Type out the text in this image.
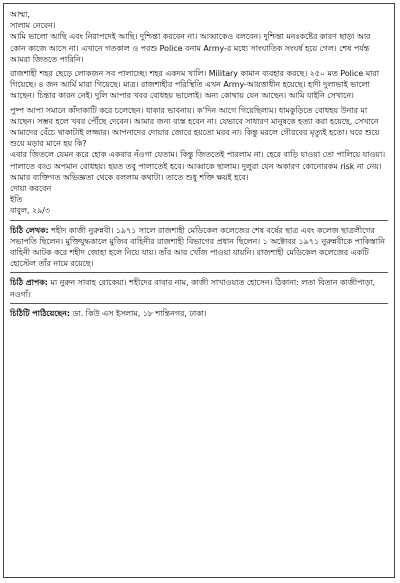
আম্মা,

সালাম নেবেন।

আমি ভালো আছি এবং নিরাপদেই আছি। দুশ্চিন্তা করবেন না। আব্বাকেও বলবেন। দুশ্চিন্তা মনঃকষ্টের কারণ ছাড়া আর কোন কাজে আসে না। এখানে গতকাল ও পরশু Police বনাম Army-র মধ্যে সাংঘাতিক সংঘর্ষ হয়ে গেল। শেষ পর্যন্ত আমরা জিততে পারিনি।

রাজশাহী শহর ছেড়ে লোকজন সব পালাচ্ছে। শহর একদম খালি। Military কামান ব্যবহার করছে। ২৫০ মত Police মারা গিয়েছে। ৪ জন আর্মি মারা গিয়েছে। মাত্র। রাজশাহীর পরিস্থিতি এখন Army-আয়ত্তাধীন হয়েছে। হাদী দুলাভাই ভালো আছেন। চিন্তার কারন নেই। দুলি আপার খবর বোধহয় ভালোই। অন্য কোথায় যেন আছেন। আমি যাইনি সেখানে।

পুষ্প আপা সমানে কাঁদাকাটি করে চলেছেন। ধাকার ভাবনায়। ক’দিন আগে গিয়েছিলাম। ধামকুড়িতে বোধহয় উনার মা আছেন। সম্ভব হলে খবর পৌঁছে দেবেন। আমার জন্য ব্যস্ত হবেন না। যেভাবে সাধারণ মানুষকে হত্যা করা হয়েছে, সেখানে আমাদের বেঁচে থাকাটাই লজ্জার। আপনাদের দোয়ার জোরে হয়তো মরব না। কিন্তু মরলে গৌরবের মৃত্যুই হতো। ঘরে শুয়ে শুয়ে মড়ার মানে হয় কি?

এবার জিতলে যেমন করে হোক একবার নঁওগা যেতাম। কিন্তু জিততেই পারলাম না। হেরে বাড়ি যাওয়া তো পালিয়ে যাওয়া। পালাতে বড্ড অপমান বোধহয়। হয়ত তবু পালাতেই হবে। আব্বাকে ছালাম। দুলুরা যেন অকারণ কোনোরকম risk না নেয়। আমার ব্যক্তিগত অভিজ্ঞতা থেকে বললাম কথাটা। তাতে শুধু শক্তি ক্ষয়ই হবে।

দোয়া করবেন

ইতি

বাবুল, ২৯/৩

চিঠি লেখক: শহীদ কাজী নুরুন্নবী। ১৯৭১ সালে রাজশাহী মেডিকেল কলেজের শেষ বর্ষের ছাত্র এবং কলেজ ছাত্রলীগের সভাপতি ছিলেন। মুক্তিযুদ্ধকালে মুজিব বাহিনীর রাজশাহী বিভাগের প্রধান ছিলেন। ১ অক্টোবর ১৯৭১ নুরুন্নবীকে পাকিস্তানি বাহিনী আটক করে শহীদ জোহা হলে নিয়ে যায়। তাঁর আর খোঁজ পাওয়া যায়নি। রাজশাহী মেডিকেল কলেজের একটি হোস্টেল তাঁর নামে রয়েছে।

চিঠি প্রাপক: মা নুরুন সাবাহ রোকেয়া। শহীদের বাবার নাম, কাজী সাখাওয়াত হোসেন। ঠিকানা: লতা বিতান কাজীপাড়া, নওগাঁ।

চিঠিটি পাঠিয়েছেন: ডা. কিউ এস ইসলাম, ১৮ শান্তিনগর, ঢাকা।
